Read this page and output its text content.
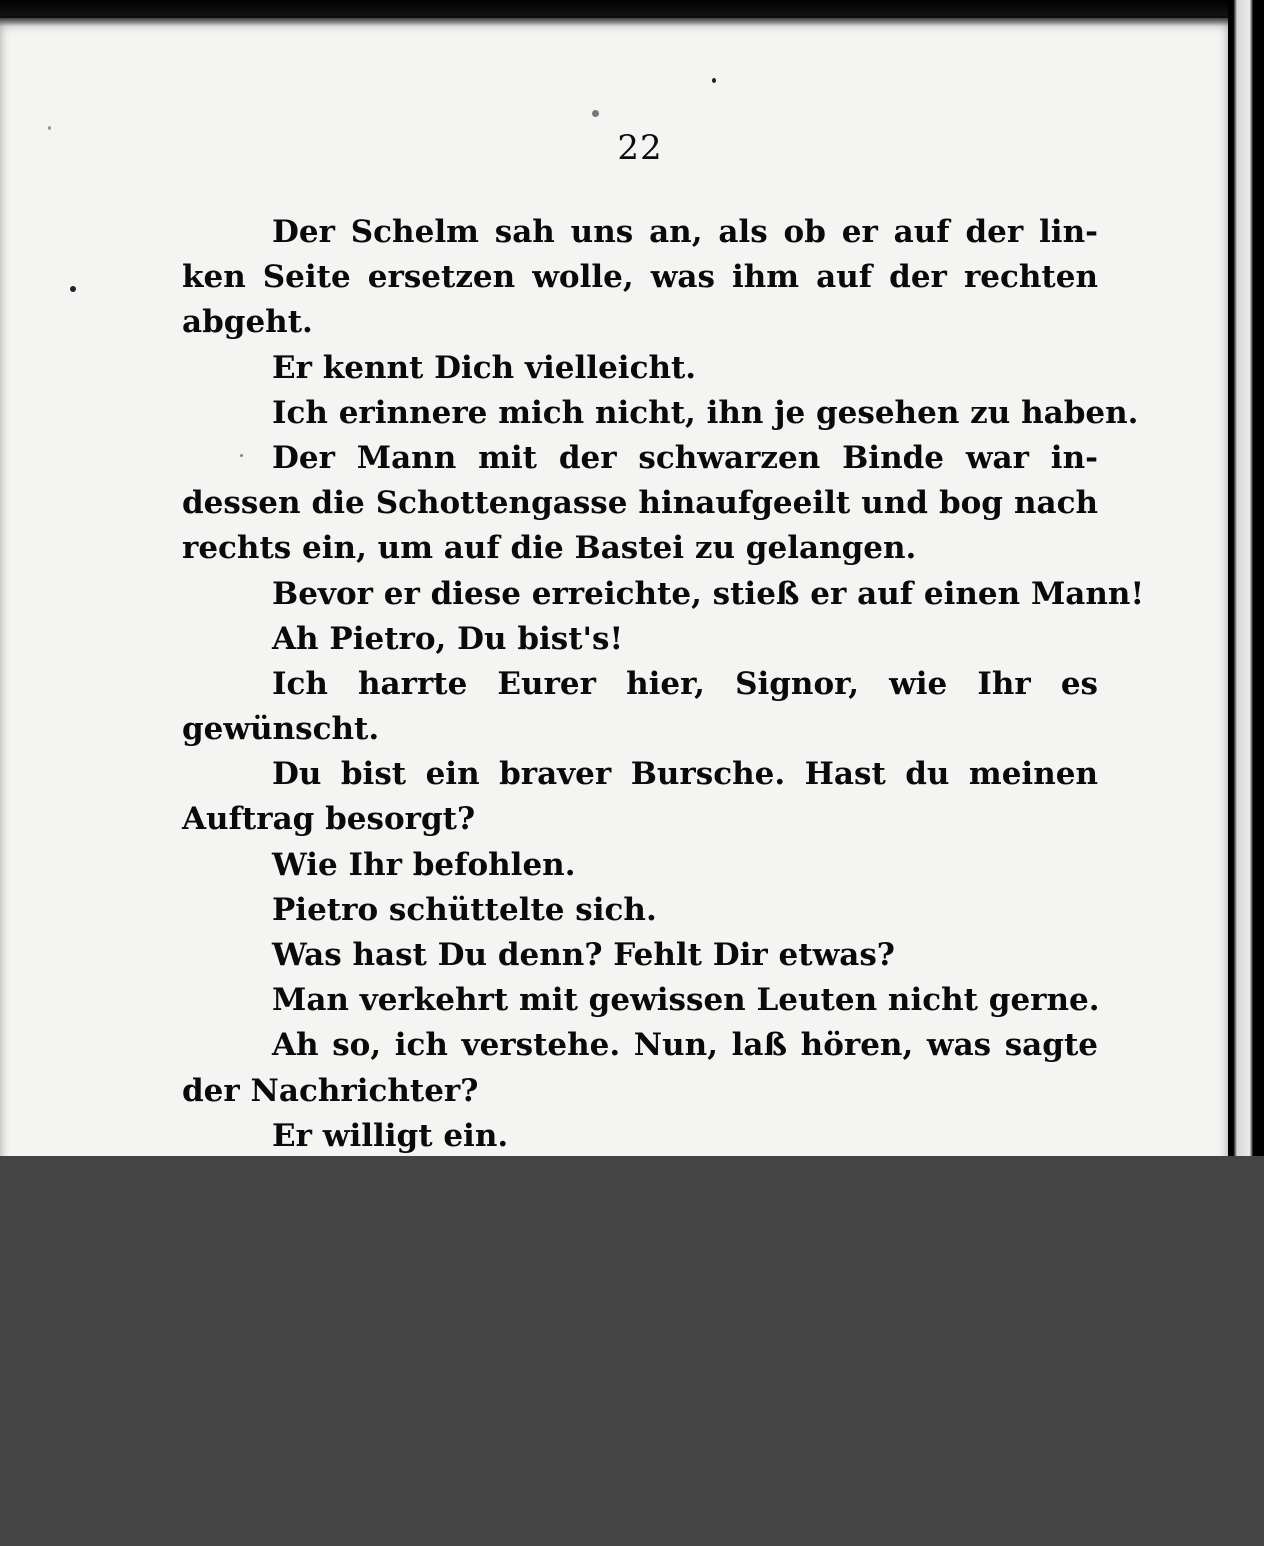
22
Der Schelm sah uns an, als ob er auf der lin-
ken Seite ersetzen wolle, was ihm auf der rechten
abgeht.
Er kennt Dich vielleicht.
Ich erinnere mich nicht, ihn je gesehen zu haben.
Der Mann mit der schwarzen Binde war in-
dessen die Schottengasse hinaufgeeilt und bog nach
rechts ein, um auf die Bastei zu gelangen.
Bevor er diese erreichte, stieß er auf einen Mann!
Ah Pietro, Du bist's!
Ich harrte Eurer hier, Signor, wie Ihr es
gewünscht.
Du bist ein braver Bursche. Hast du meinen
Auftrag besorgt?
Wie Ihr befohlen.
Pietro schüttelte sich.
Was hast Du denn? Fehlt Dir etwas?
Man verkehrt mit gewissen Leuten nicht gerne.
Ah so, ich verstehe. Nun, laß hören, was sagte
der Nachrichter?
Er willigt ein.
